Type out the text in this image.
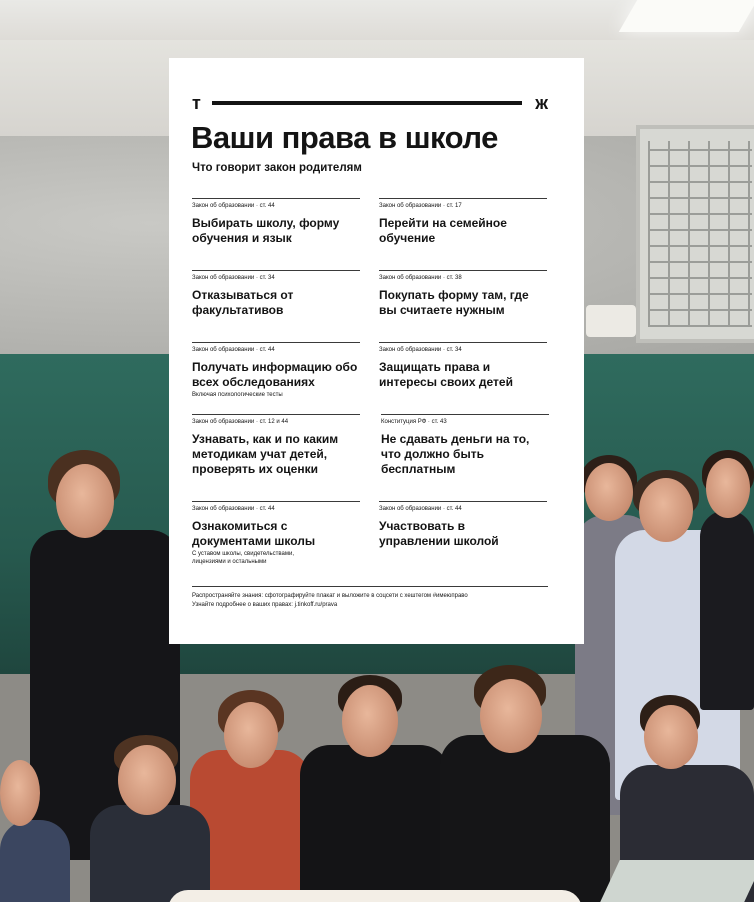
т	ж
Ваши права в школе
Что говорит закон родителям
Закон об образовании · ст. 44
Выбирать школу, форму обучения и язык
Закон об образовании · ст. 17
Перейти на семейное обучение
Закон об образовании · ст. 34
Отказываться от факультативов
Закон об образовании · ст. 38
Покупать форму там, где вы считаете нужным
Закон об образовании · ст. 44
Получать информацию обо всех обследованиях
Включая психологические тесты
Закон об образовании · ст. 34
Защищать права и интересы своих детей
Закон об образовании · ст. 12 и 44
Узнавать, как и по каким методикам учат детей, проверять их оценки
Конституция РФ · ст. 43
Не сдавать деньги на то, что должно быть бесплатным
Закон об образовании · ст. 44
Ознакомиться с документами школы
С уставом школы, свидетельствами, лицензиями и остальными
Закон об образовании · ст. 44
Участвовать в управлении школой
Распространяйте знания: сфотографируйте плакат и выложите в соцсети с хештегом #имеюправо
Узнайте подробнее о ваших правах: j.tinkoff.ru/prava
